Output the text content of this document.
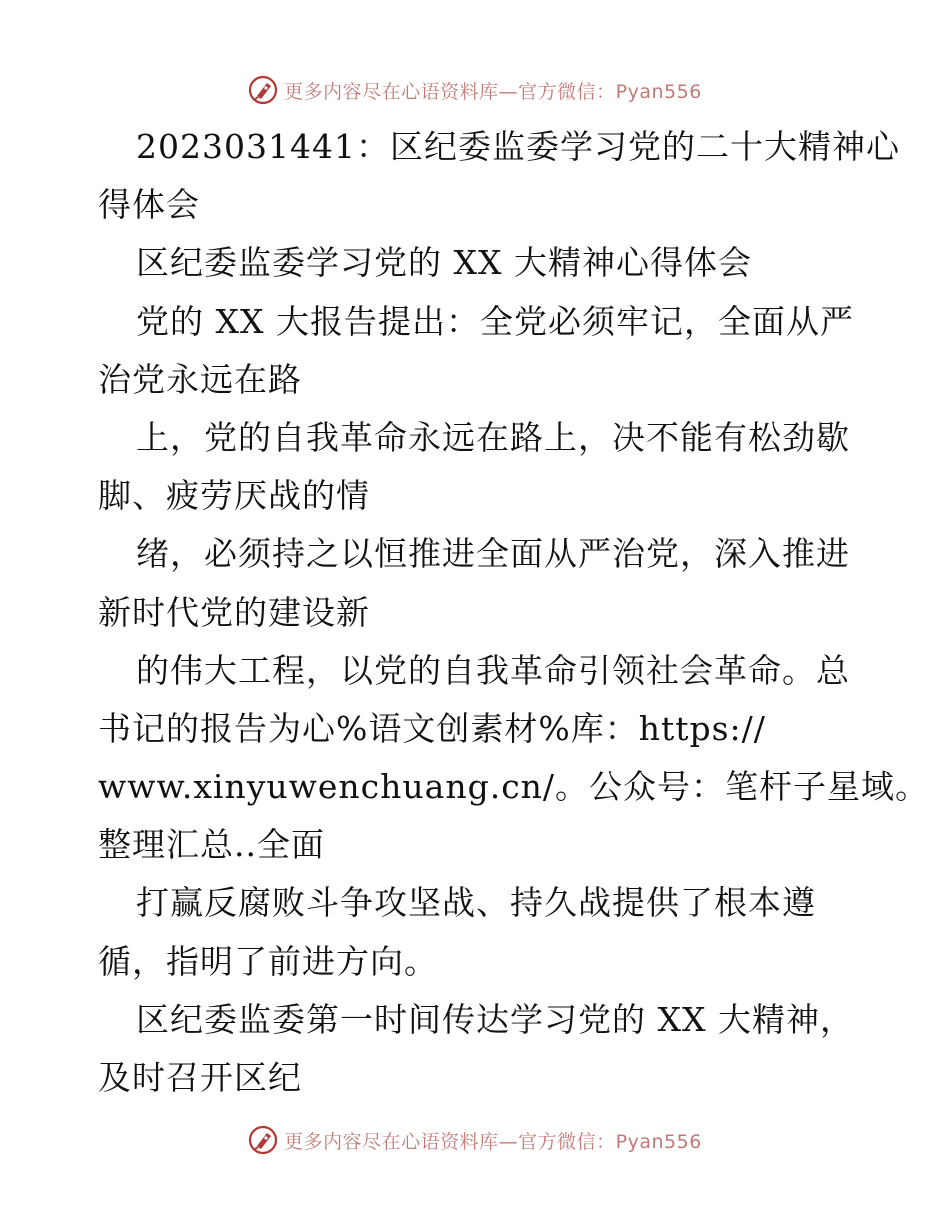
更多内容尽在心语资料库—官方微信：Pyan556
2023031441：区纪委监委学习党的二十大精神心
得体会
区纪委监委学习党的 XX 大精神心得体会
党的 XX 大报告提出：全党必须牢记，全面从严
治党永远在路
上，党的自我革命永远在路上，决不能有松劲歇
脚、疲劳厌战的情
绪，必须持之以恒推进全面从严治党，深入推进
新时代党的建设新
的伟大工程，以党的自我革命引领社会革命。总
书记的报告为心%语文创素材%库：https://
www.xinyuwenchuang.cn/。公众号：笔杆子星域。
整理汇总..全面
打赢反腐败斗争攻坚战、持久战提供了根本遵
循，指明了前进方向。
区纪委监委第一时间传达学习党的 XX 大精神，
及时召开区纪
更多内容尽在心语资料库—官方微信：Pyan556
